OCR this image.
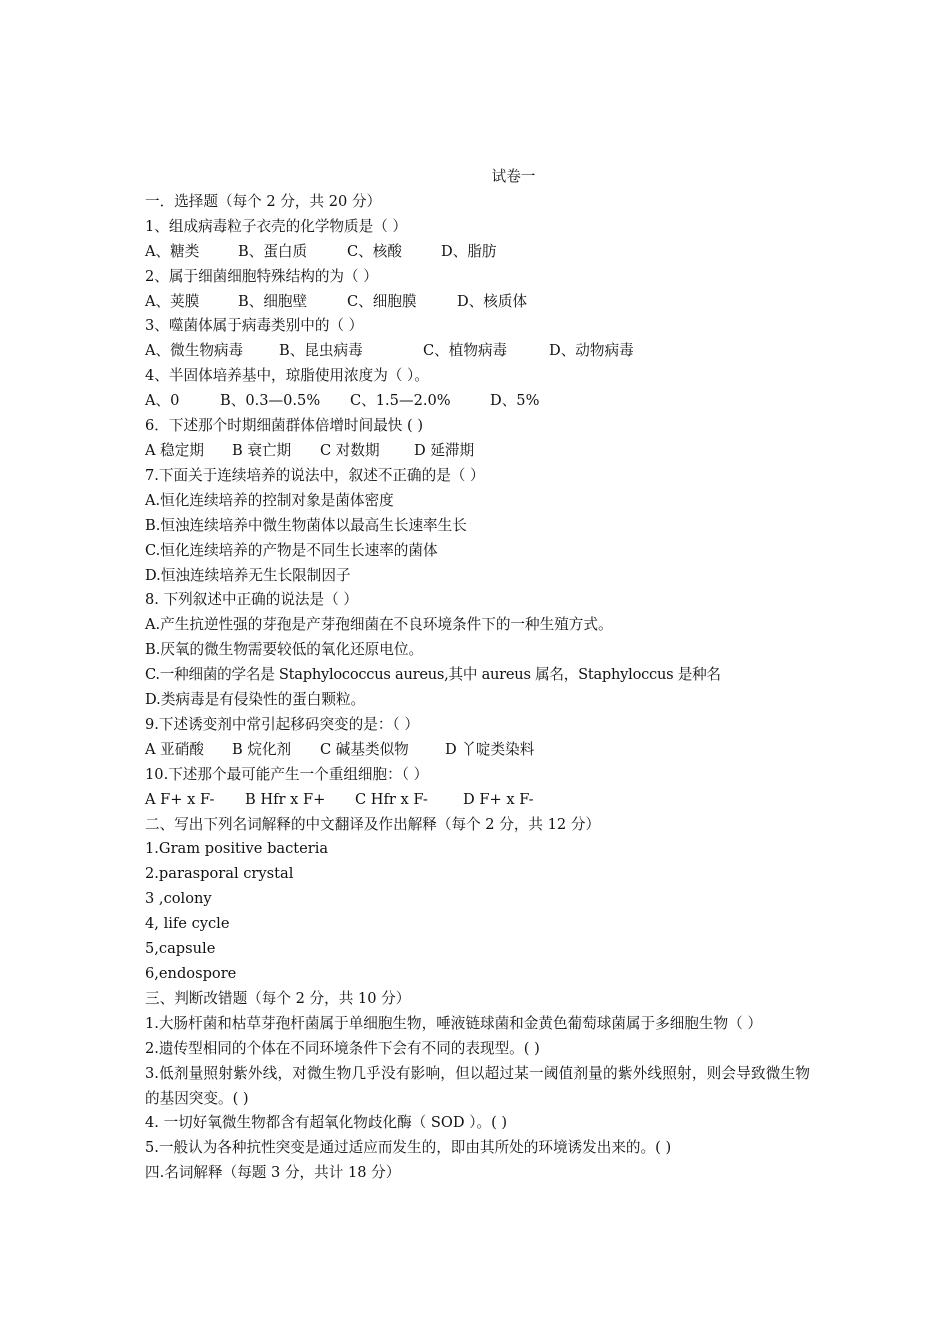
试卷一
一．选择题（每个 2 分，共 20 分）
1、组成病毒粒子衣壳的化学物质是（ ）
A、糖类	B、蛋白质	C、核酸	D、脂肪
2、属于细菌细胞特殊结构的为（ ）
A、荚膜	B、细胞壁	C、细胞膜	D、核质体
3、噬菌体属于病毒类别中的（ ）
A、微生物病毒	B、昆虫病毒	C、植物病毒	D、动物病毒
4、半固体培养基中，琼脂使用浓度为（ ）。
A、0	B、0.3—0.5%	C、1.5—2.0%	D、5%
6．下述那个时期细菌群体倍增时间最快 ( )
A 稳定期	B 衰亡期	C 对数期	D 延滞期
7.下面关于连续培养的说法中，叙述不正确的是（ ）
A.恒化连续培养的控制对象是菌体密度
B.恒浊连续培养中微生物菌体以最高生长速率生长
C.恒化连续培养的产物是不同生长速率的菌体
D.恒浊连续培养无生长限制因子
8. 下列叙述中正确的说法是（ ）
A.产生抗逆性强的芽孢是产芽孢细菌在不良环境条件下的一种生殖方式。
B.厌氧的微生物需要较低的氧化还原电位。
C.一种细菌的学名是 Staphylococcus aureus,其中 aureus 属名，Staphyloccus 是种名
D.类病毒是有侵染性的蛋白颗粒。
9.下述诱变剂中常引起移码突变的是：（ ）
A 亚硝酸	B 烷化剂	C 碱基类似物	D 丫啶类染料
10.下述那个最可能产生一个重组细胞：（ ）
A F+ x F-	B Hfr x F+	C Hfr x F-	D F+ x F-
二、写出下列名词解释的中文翻译及作出解释（每个 2 分，共 12 分）
1.Gram positive bacteria
2.parasporal crystal
3 ,colony
4, life cycle
5,capsule
6,endospore
三、判断改错题（每个 2 分，共 10 分）
1.大肠杆菌和枯草芽孢杆菌属于单细胞生物，唾液链球菌和金黄色葡萄球菌属于多细胞生物（ ）
2.遗传型相同的个体在不同环境条件下会有不同的表现型。( )
3.低剂量照射紫外线，对微生物几乎没有影响，但以超过某一阈值剂量的紫外线照射，则会导致微生物的基因突变。( )
4. 一切好氧微生物都含有超氧化物歧化酶（ SOD ）。( )
5.一般认为各种抗性突变是通过适应而发生的，即由其所处的环境诱发出来的。( )
四.名词解释（每题 3 分，共计 18 分）
